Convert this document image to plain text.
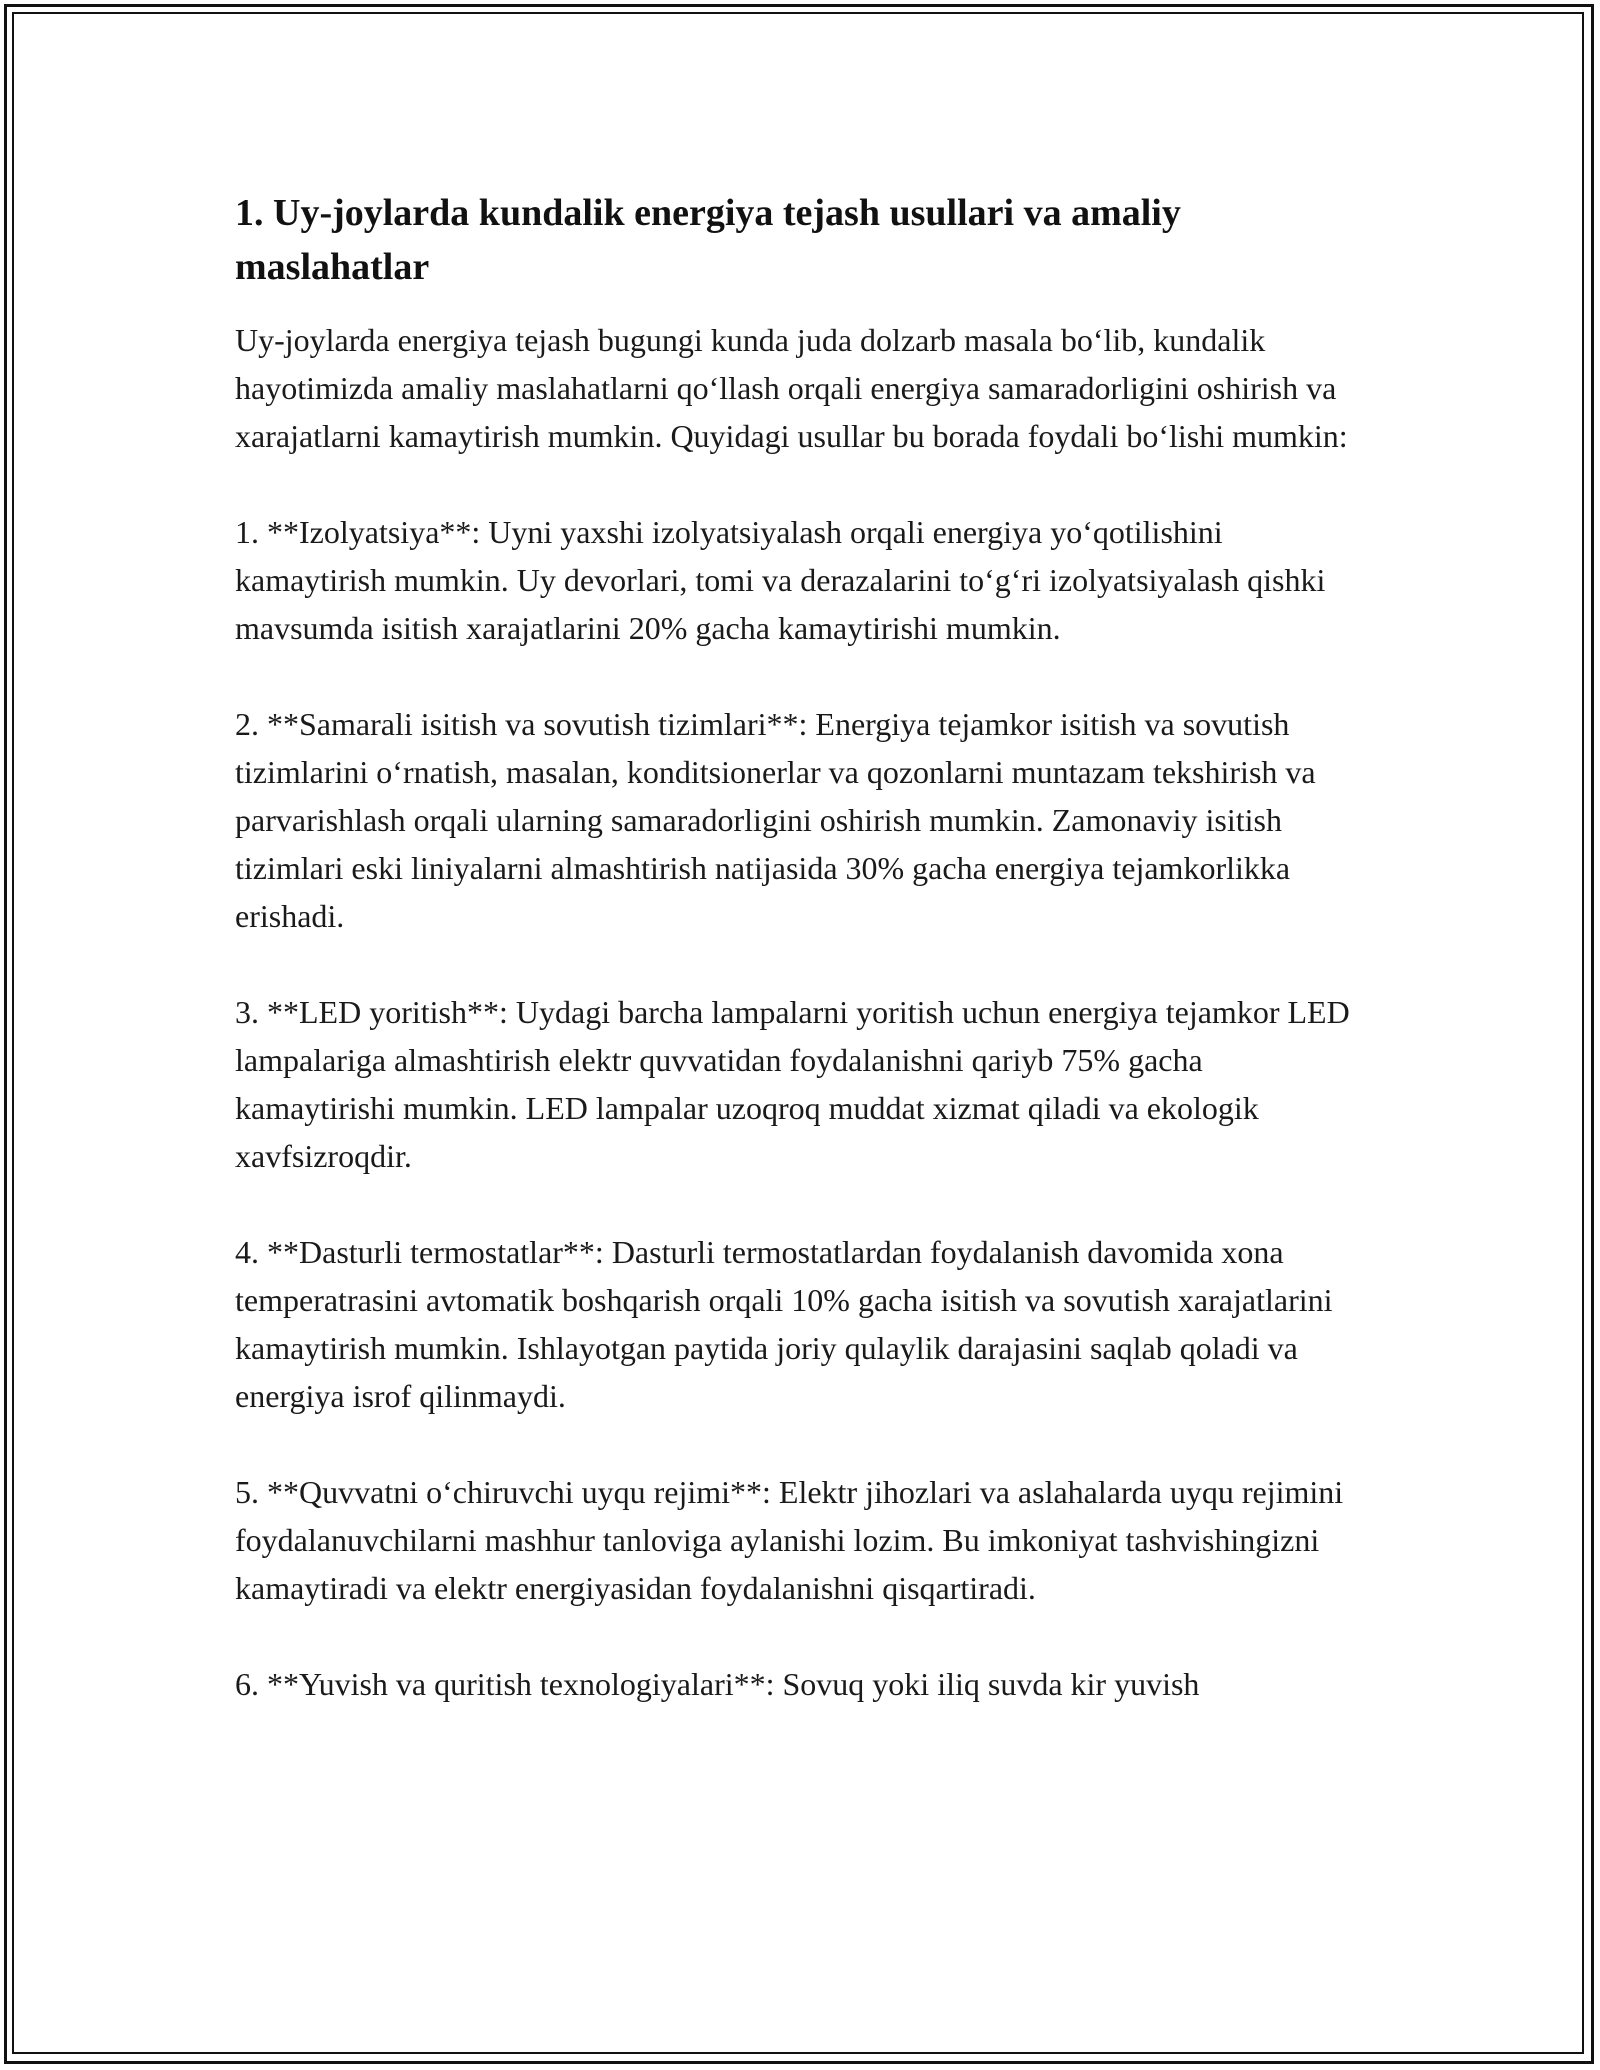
1. Uy-joylarda kundalik energiya tejash usullari va amaliy maslahatlar

Uy-joylarda energiya tejash bugungi kunda juda dolzarb masala bo‘lib, kundalik hayotimizda amaliy maslahatlarni qo‘llash orqali energiya samaradorligini oshirish va xarajatlarni kamaytirish mumkin. Quyidagi usullar bu borada foydali bo‘lishi mumkin:

1. **Izolyatsiya**: Uyni yaxshi izolyatsiyalash orqali energiya yo‘qotilishini kamaytirish mumkin. Uy devorlari, tomi va derazalarini to‘g‘ri izolyatsiyalash qishki mavsumda isitish xarajatlarini 20% gacha kamaytirishi mumkin.

2. **Samarali isitish va sovutish tizimlari**: Energiya tejamkor isitish va sovutish tizimlarini o‘rnatish, masalan, konditsionerlar va qozonlarni muntazam tekshirish va parvarishlash orqali ularning samaradorligini oshirish mumkin. Zamonaviy isitish tizimlari eski liniyalarni almashtirish natijasida 30% gacha energiya tejamkorlikka erishadi.

3. **LED yoritish**: Uydagi barcha lampalarni yoritish uchun energiya tejamkor LED lampalariga almashtirish elektr quvvatidan foydalanishni qariyb 75% gacha kamaytirishi mumkin. LED lampalar uzoqroq muddat xizmat qiladi va ekologik xavfsizroqdir.

4. **Dasturli termostatlar**: Dasturli termostatlardan foydalanish davomida xona temperatrasini avtomatik boshqarish orqali 10% gacha isitish va sovutish xarajatlarini kamaytirish mumkin. Ishlayotgan paytida joriy qulaylik darajasini saqlab qoladi va energiya isrof qilinmaydi.

5. **Quvvatni o‘chiruvchi uyqu rejimi**: Elektr jihozlari va aslahalarda uyqu rejimini foydalanuvchilarni mashhur tanloviga aylanishi lozim. Bu imkoniyat tashvishingizni kamaytiradi va elektr energiyasidan foydalanishni qisqartiradi.

6. **Yuvish va quritish texnologiyalari**: Sovuq yoki iliq suvda kir yuvish
